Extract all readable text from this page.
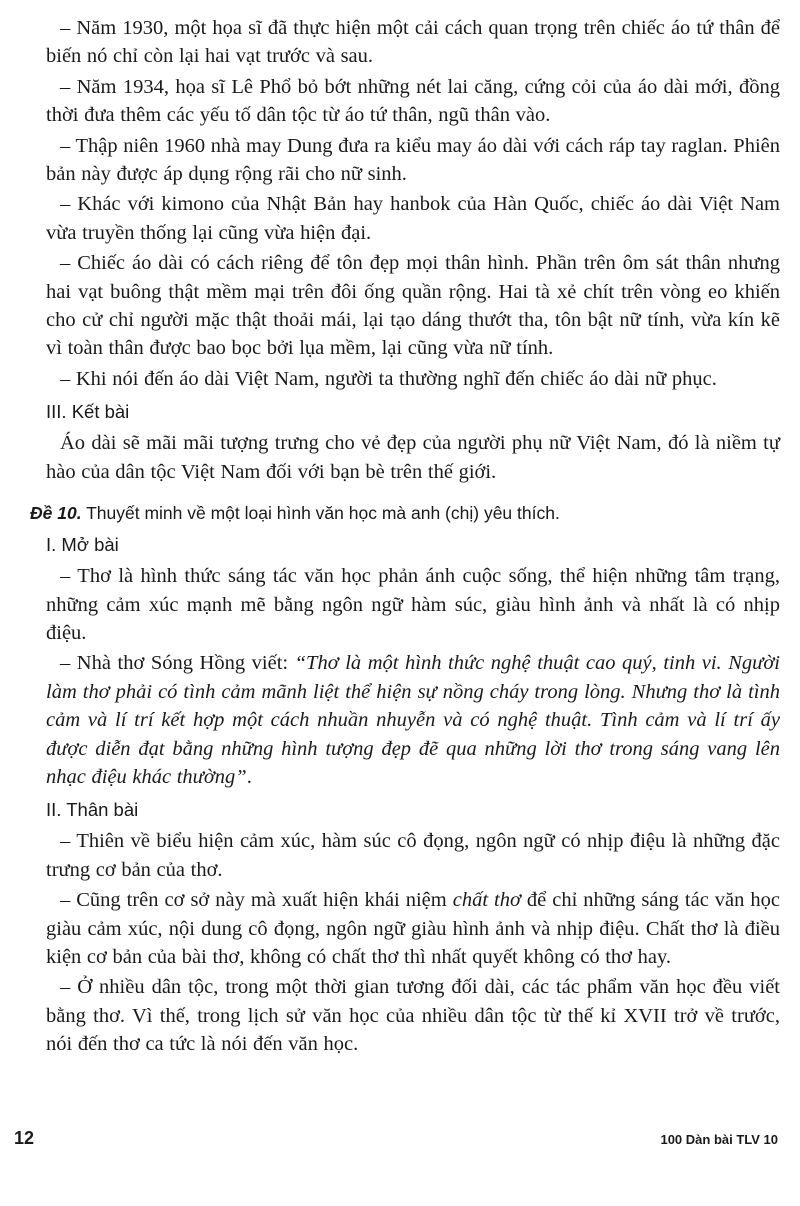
– Năm 1930, một họa sĩ đã thực hiện một cải cách quan trọng trên chiếc áo tứ thân để biến nó chỉ còn lại hai vạt trước và sau.

– Năm 1934, họa sĩ Lê Phổ bỏ bớt những nét lai căng, cứng cỏi của áo dài mới, đồng thời đưa thêm các yếu tố dân tộc từ áo tứ thân, ngũ thân vào.

– Thập niên 1960 nhà may Dung đưa ra kiểu may áo dài với cách ráp tay raglan. Phiên bản này được áp dụng rộng rãi cho nữ sinh.

– Khác với kimono của Nhật Bản hay hanbok của Hàn Quốc, chiếc áo dài Việt Nam vừa truyền thống lại cũng vừa hiện đại.

– Chiếc áo dài có cách riêng để tôn đẹp mọi thân hình. Phần trên ôm sát thân nhưng hai vạt buông thật mềm mại trên đôi ống quần rộng. Hai tà xẻ chít trên vòng eo khiến cho cử chỉ người mặc thật thoải mái, lại tạo dáng thướt tha, tôn bật nữ tính, vừa kín kẽ vì toàn thân được bao bọc bởi lụa mềm, lại cũng vừa nữ tính.

– Khi nói đến áo dài Việt Nam, người ta thường nghĩ đến chiếc áo dài nữ phục.

III. Kết bài

Áo dài sẽ mãi mãi tượng trưng cho vẻ đẹp của người phụ nữ Việt Nam, đó là niềm tự hào của dân tộc Việt Nam đối với bạn bè trên thế giới.

Đề 10. Thuyết minh về một loại hình văn học mà anh (chị) yêu thích.
I. Mở bài

– Thơ là hình thức sáng tác văn học phản ánh cuộc sống, thể hiện những tâm trạng, những cảm xúc mạnh mẽ bằng ngôn ngữ hàm súc, giàu hình ảnh và nhất là có nhịp điệu.

– Nhà thơ Sóng Hồng viết: “Thơ là một hình thức nghệ thuật cao quý, tinh vi. Người làm thơ phải có tình cảm mãnh liệt thể hiện sự nồng cháy trong lòng. Nhưng thơ là tình cảm và lí trí kết hợp một cách nhuần nhuyễn và có nghệ thuật. Tình cảm và lí trí ấy được diễn đạt bằng những hình tượng đẹp đẽ qua những lời thơ trong sáng vang lên nhạc điệu khác thường”.

II. Thân bài

– Thiên về biểu hiện cảm xúc, hàm súc cô đọng, ngôn ngữ có nhịp điệu là những đặc trưng cơ bản của thơ.

– Cũng trên cơ sở này mà xuất hiện khái niệm chất thơ để chỉ những sáng tác văn học giàu cảm xúc, nội dung cô đọng, ngôn ngữ giàu hình ảnh và nhịp điệu. Chất thơ là điều kiện cơ bản của bài thơ, không có chất thơ thì nhất quyết không có thơ hay.

– Ở nhiều dân tộc, trong một thời gian tương đối dài, các tác phẩm văn học đều viết bằng thơ. Vì thế, trong lịch sử văn học của nhiều dân tộc từ thế kỉ XVII trở về trước, nói đến thơ ca tức là nói đến văn học.

12	100 Dàn bài TLV 10
